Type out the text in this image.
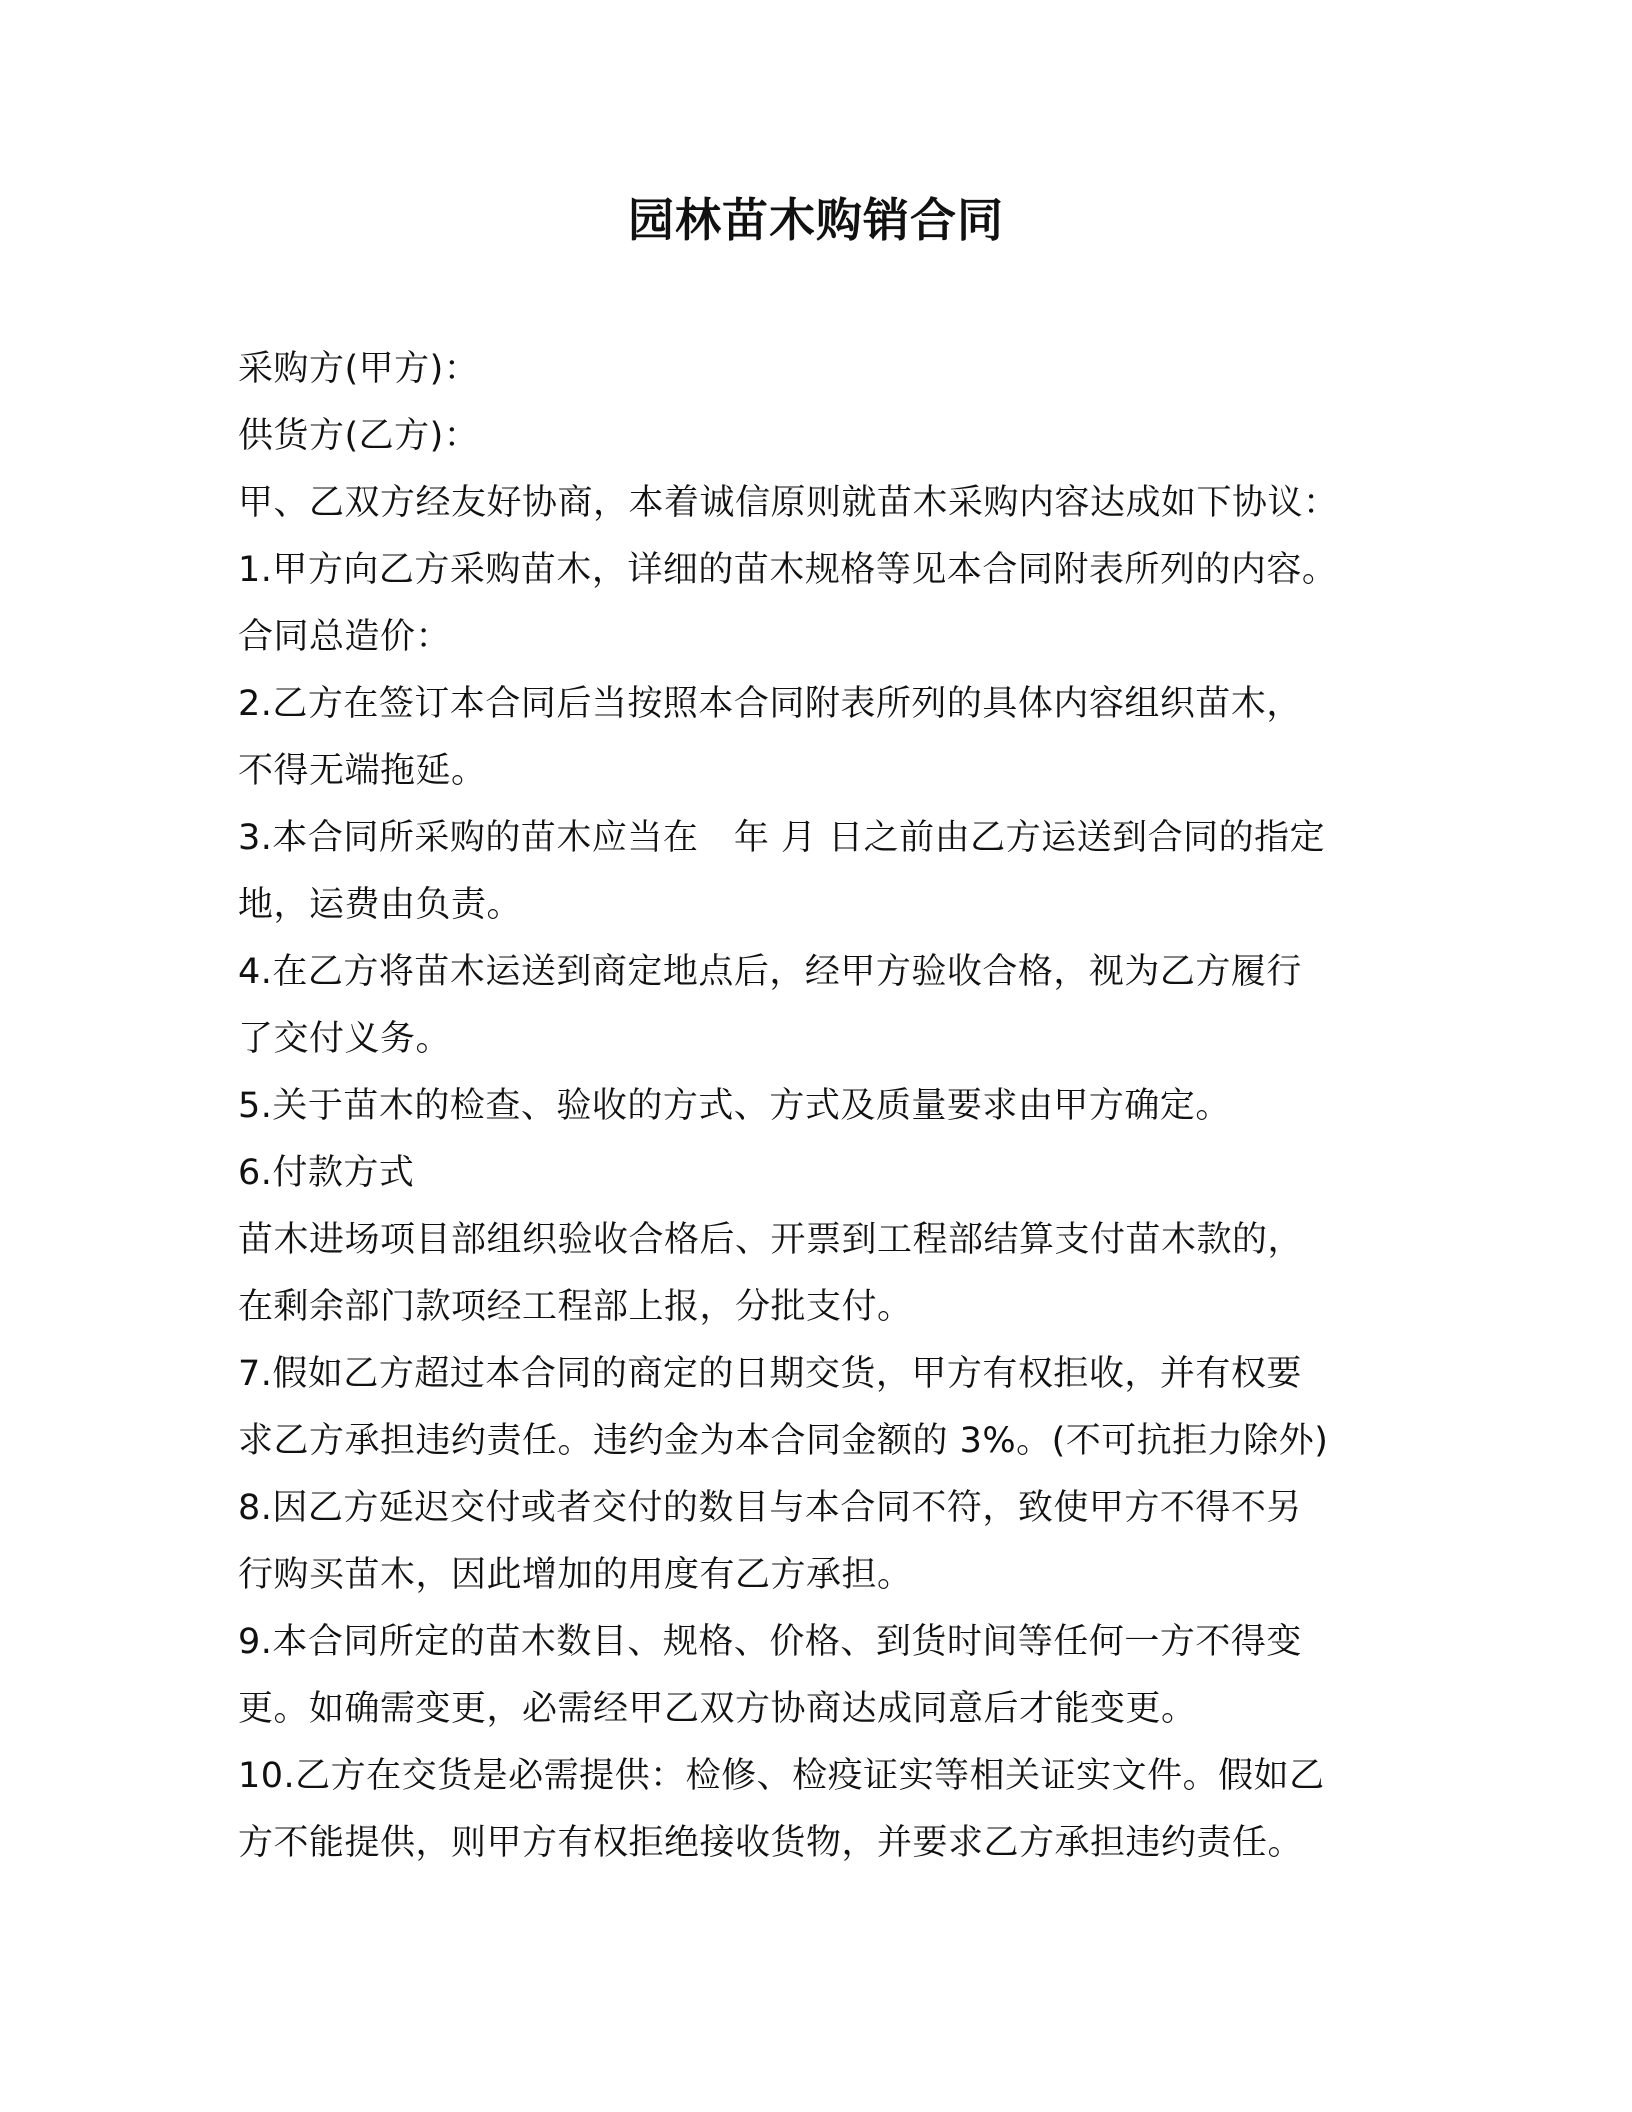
园林苗木购销合同
采购方(甲方)：
供货方(乙方)：
甲、乙双方经友好协商，本着诚信原则就苗木采购内容达成如下协议：
1.甲方向乙方采购苗木，详细的苗木规格等见本合同附表所列的内容。
合同总造价：
2.乙方在签订本合同后当按照本合同附表所列的具体内容组织苗木，
不得无端拖延。
3.本合同所采购的苗木应当在　年 月 日之前由乙方运送到合同的指定
地，运费由负责。
4.在乙方将苗木运送到商定地点后，经甲方验收合格，视为乙方履行
了交付义务。
5.关于苗木的检查、验收的方式、方式及质量要求由甲方确定。
6.付款方式
苗木进场项目部组织验收合格后、开票到工程部结算支付苗木款的，
在剩余部门款项经工程部上报，分批支付。
7.假如乙方超过本合同的商定的日期交货，甲方有权拒收，并有权要
求乙方承担违约责任。违约金为本合同金额的 3%。(不可抗拒力除外)
8.因乙方延迟交付或者交付的数目与本合同不符，致使甲方不得不另
行购买苗木，因此增加的用度有乙方承担。
9.本合同所定的苗木数目、规格、价格、到货时间等任何一方不得变
更。如确需变更，必需经甲乙双方协商达成同意后才能变更。
10.乙方在交货是必需提供：检修、检疫证实等相关证实文件。假如乙
方不能提供，则甲方有权拒绝接收货物，并要求乙方承担违约责任。
